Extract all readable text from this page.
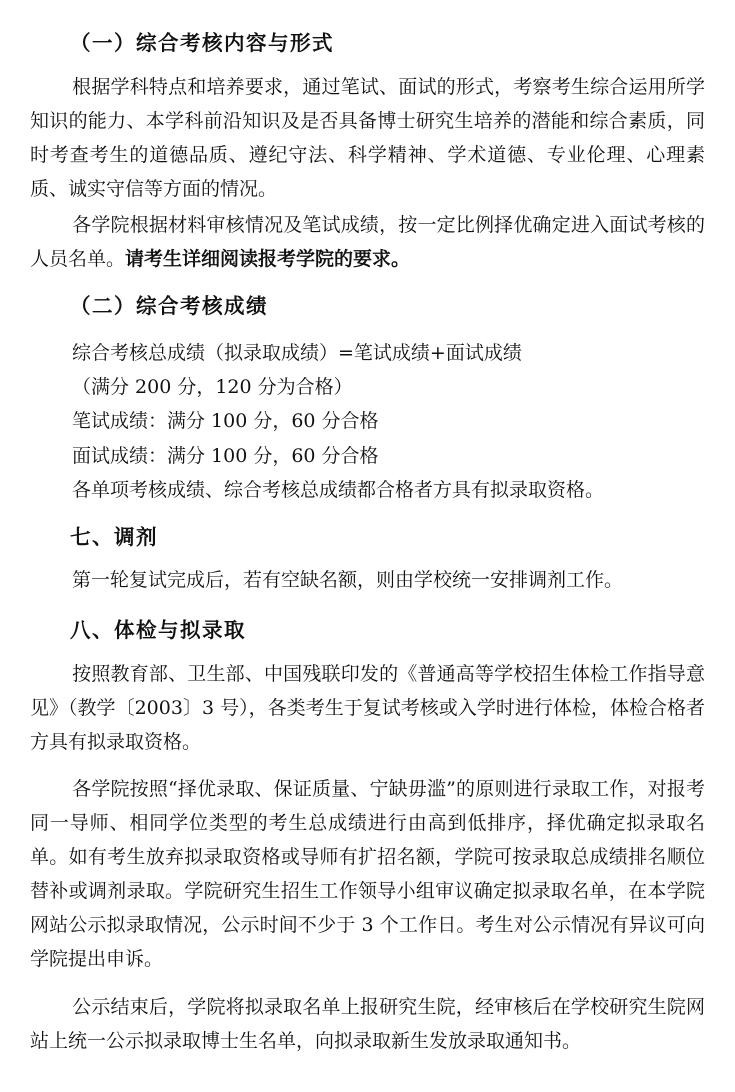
（一）综合考核内容与形式
根据学科特点和培养要求，通过笔试、面试的形式，考察考生综合运用所学知识的能力、本学科前沿知识及是否具备博士研究生培养的潜能和综合素质，同时考查考生的道德品质、遵纪守法、科学精神、学术道德、专业伦理、心理素质、诚实守信等方面的情况。
各学院根据材料审核情况及笔试成绩，按一定比例择优确定进入面试考核的人员名单。请考生详细阅读报考学院的要求。
（二）综合考核成绩
综合考核总成绩（拟录取成绩）=笔试成绩+面试成绩
（满分 200 分，120 分为合格）
笔试成绩：满分 100 分，60 分合格
面试成绩：满分 100 分，60 分合格
各单项考核成绩、综合考核总成绩都合格者方具有拟录取资格。
七、调剂
第一轮复试完成后，若有空缺名额，则由学校统一安排调剂工作。
八、体检与拟录取
按照教育部、卫生部、中国残联印发的《普通高等学校招生体检工作指导意见》（教学〔2003〕3 号），各类考生于复试考核或入学时进行体检，体检合格者方具有拟录取资格。
各学院按照“择优录取、保证质量、宁缺毋滥”的原则进行录取工作，对报考同一导师、相同学位类型的考生总成绩进行由高到低排序，择优确定拟录取名单。如有考生放弃拟录取资格或导师有扩招名额，学院可按录取总成绩排名顺位替补或调剂录取。学院研究生招生工作领导小组审议确定拟录取名单，在本学院网站公示拟录取情况，公示时间不少于 3 个工作日。考生对公示情况有异议可向学院提出申诉。
公示结束后，学院将拟录取名单上报研究生院，经审核后在学校研究生院网站上统一公示拟录取博士生名单，向拟录取新生发放录取通知书。
